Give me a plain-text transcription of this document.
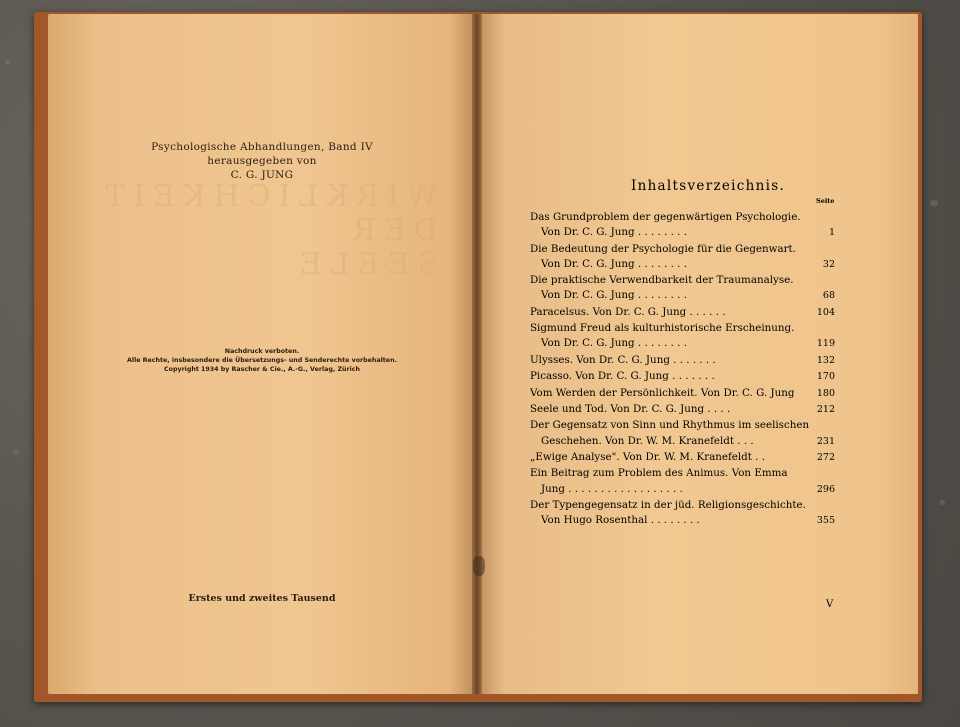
WIRKLICHKEIT DER SEELE
Psychologische Abhandlungen, Band IV
herausgegeben von
C. G. JUNG
Nachdruck verboten.
Alle Rechte, insbesondere die Übersetzungs- und Senderechte vorbehalten.
Copyright 1934 by Rascher & Cie., A.-G., Verlag, Zürich
Erstes und zweites Tausend
Inhaltsverzeichnis.
Seite
Das Grundproblem der gegenwärtigen Psychologie.
Von Dr. C. G. Jung . . . . . . . .	1
Die Bedeutung der Psychologie für die Gegenwart.
Von Dr. C. G. Jung . . . . . . . .	32
Die praktische Verwendbarkeit der Traumanalyse.
Von Dr. C. G. Jung . . . . . . . .	68
Paracelsus. Von Dr. C. G. Jung . . . . . .	104
Sigmund Freud als kulturhistorische Erscheinung.
Von Dr. C. G. Jung . . . . . . . .	119
Ulysses. Von Dr. C. G. Jung . . . . . . .	132
Picasso. Von Dr. C. G. Jung . . . . . . .	170
Vom Werden der Persönlichkeit. Von Dr. C. G. Jung	180
Seele und Tod. Von Dr. C. G. Jung . . . .	212
Der Gegensatz von Sinn und Rhythmus im seelischen
Geschehen. Von Dr. W. M. Kranefeldt . . .	231
„Ewige Analyse". Von Dr. W. M. Kranefeldt . .	272
Ein Beitrag zum Problem des Animus. Von Emma
Jung . . . . . . . . . . . . . . . . . .	296
Der Typengegensatz in der jüd. Religionsgeschichte.
Von Hugo Rosenthal . . . . . . . .	355
V
